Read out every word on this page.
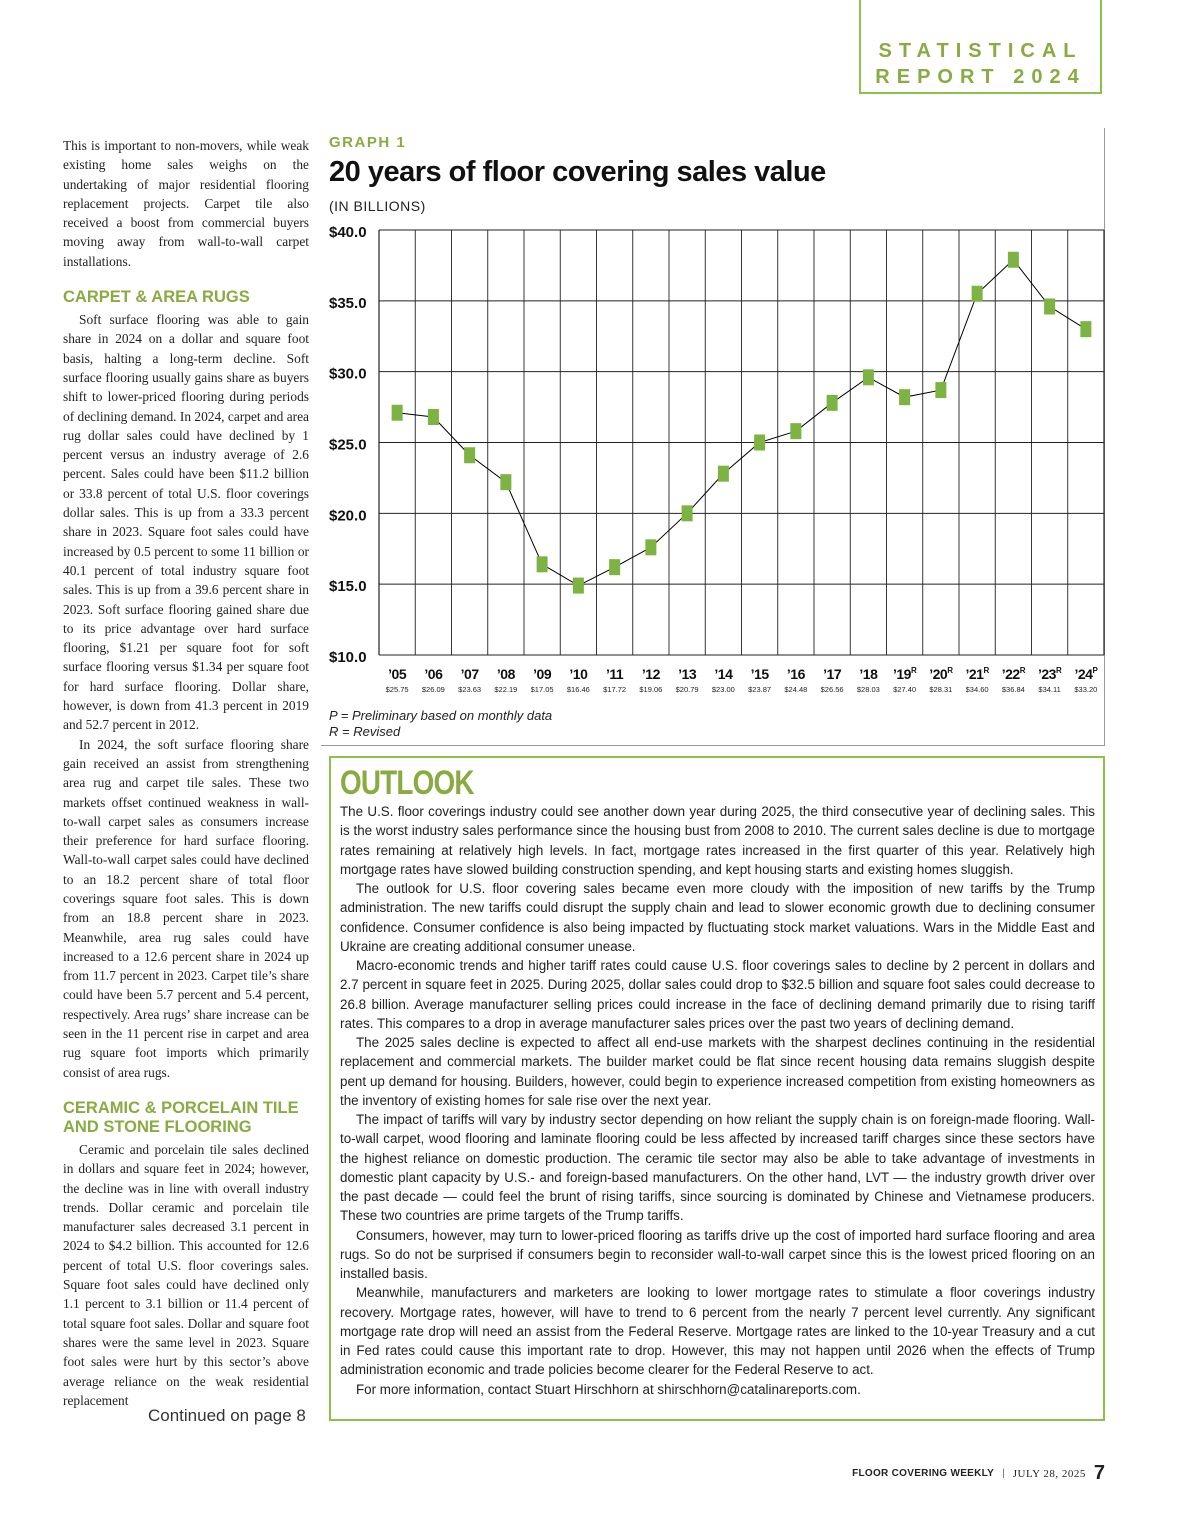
STATISTICAL
REPORT 2024

This is important to non-movers, while weak existing home sales weighs on the undertaking of major residential flooring replacement projects. Carpet tile also received a boost from commercial buyers moving away from wall-to-wall carpet installations.

CARPET & AREA RUGS

Soft surface flooring was able to gain share in 2024 on a dollar and square foot basis, halting a long-term decline. Soft surface flooring usually gains share as buyers shift to lower-priced flooring during periods of declining demand. In 2024, carpet and area rug dollar sales could have declined by 1 percent versus an industry average of 2.6 percent. Sales could have been $11.2 billion or 33.8 percent of total U.S. floor coverings dollar sales. This is up from a 33.3 percent share in 2023. Square foot sales could have increased by 0.5 percent to some 11 billion or 40.1 percent of total industry square foot sales. This is up from a 39.6 percent share in 2023. Soft surface flooring gained share due to its price advantage over hard surface flooring, $1.21 per square foot for soft surface flooring versus $1.34 per square foot for hard surface flooring. Dollar share, however, is down from 41.3 percent in 2019 and 52.7 percent in 2012.

In 2024, the soft surface flooring share gain received an assist from strengthening area rug and carpet tile sales. These two markets offset continued weakness in wall-to-wall carpet sales as consumers increase their preference for hard surface flooring. Wall-to-wall carpet sales could have declined to an 18.2 percent share of total floor coverings square foot sales. This is down from an 18.8 percent share in 2023. Meanwhile, area rug sales could have increased to a 12.6 percent share in 2024 up from 11.7 percent in 2023. Carpet tile’s share could have been 5.7 percent and 5.4 percent, respectively. Area rugs’ share increase can be seen in the 11 percent rise in carpet and area rug square foot imports which primarily consist of area rugs.

CERAMIC & PORCELAIN TILE AND STONE FLOORING

Ceramic and porcelain tile sales declined in dollars and square feet in 2024; however, the decline was in line with overall industry trends. Dollar ceramic and porcelain tile manufacturer sales decreased 3.1 percent in 2024 to $4.2 billion. This accounted for 12.6 percent of total U.S. floor coverings sales. Square foot sales could have declined only 1.1 percent to 3.1 billion or 11.4 percent of total square foot sales. Dollar and square foot shares were the same level in 2023. Square foot sales were hurt by this sector’s above average reliance on the weak residential replacement

Continued on page 8
GRAPH 1
20 years of floor covering sales value
(IN BILLIONS)
$40.0
$35.0
$30.0
$25.0
$20.0
$15.0
$10.0
’05
$25.75
’06
$26.09
’07
$23.63
’08
$22.19
’09
$17.05
’10
$16.46
’11
$17.72
’12
$19.06
’13
$20.79
’14
$23.00
’15
$23.87
’16
$24.48
’17
$26.56
’18
$28.03
$’19^R$
$27.40
$’20^R$
$28.31
$’21^R$
$34.60
$’22^R$
$36.84
$’23^R$
$34.11
$’24^P$
$33.20
P = Preliminary based on monthly data
R = Revised
OUTLOOK

The U.S. floor coverings industry could see another down year during 2025, the third consecutive year of declining sales. This is the worst industry sales performance since the housing bust from 2008 to 2010. The current sales decline is due to mortgage rates remaining at relatively high levels. In fact, mortgage rates increased in the first quarter of this year. Relatively high mortgage rates have slowed building construction spending, and kept housing starts and existing homes sluggish.

The outlook for U.S. floor covering sales became even more cloudy with the imposition of new tariffs by the Trump administration. The new tariffs could disrupt the supply chain and lead to slower economic growth due to declining consumer confidence. Consumer confidence is also being impacted by fluctuating stock market valuations. Wars in the Middle East and Ukraine are creating additional consumer unease.

Macro-economic trends and higher tariff rates could cause U.S. floor coverings sales to decline by 2 percent in dollars and 2.7 percent in square feet in 2025. During 2025, dollar sales could drop to $32.5 billion and square foot sales could decrease to 26.8 billion. Average manufacturer selling prices could increase in the face of declining demand primarily due to rising tariff rates. This compares to a drop in average manufacturer sales prices over the past two years of declining demand.

The 2025 sales decline is expected to affect all end-use markets with the sharpest declines continuing in the residential replacement and commercial markets. The builder market could be flat since recent housing data remains sluggish despite pent up demand for housing. Builders, however, could begin to experience increased competition from existing homeowners as the inventory of existing homes for sale rise over the next year.

The impact of tariffs will vary by industry sector depending on how reliant the supply chain is on foreign-made flooring. Wall-to-wall carpet, wood flooring and laminate flooring could be less affected by increased tariff charges since these sectors have the highest reliance on domestic production. The ceramic tile sector may also be able to take advantage of investments in domestic plant capacity by U.S.- and foreign-based manufacturers. On the other hand, LVT — the industry growth driver over the past decade — could feel the brunt of rising tariffs, since sourcing is dominated by Chinese and Vietnamese producers. These two countries are prime targets of the Trump tariffs.

Consumers, however, may turn to lower-priced flooring as tariffs drive up the cost of imported hard surface flooring and area rugs. So do not be surprised if consumers begin to reconsider wall-to-wall carpet since this is the lowest priced flooring on an installed basis.

Meanwhile, manufacturers and marketers are looking to lower mortgage rates to stimulate a floor coverings industry recovery. Mortgage rates, however, will have to trend to 6 percent from the nearly 7 percent level currently. Any significant mortgage rate drop will need an assist from the Federal Reserve. Mortgage rates are linked to the 10-year Treasury and a cut in Fed rates could cause this important rate to drop. However, this may not happen until 2026 when the effects of Trump administration economic and trade policies become clearer for the Federal Reserve to act.

For more information, contact Stuart Hirschhorn at shirschhorn@catalinareports.com.

FLOOR COVERING WEEKLY | JULY 28, 2025 7
